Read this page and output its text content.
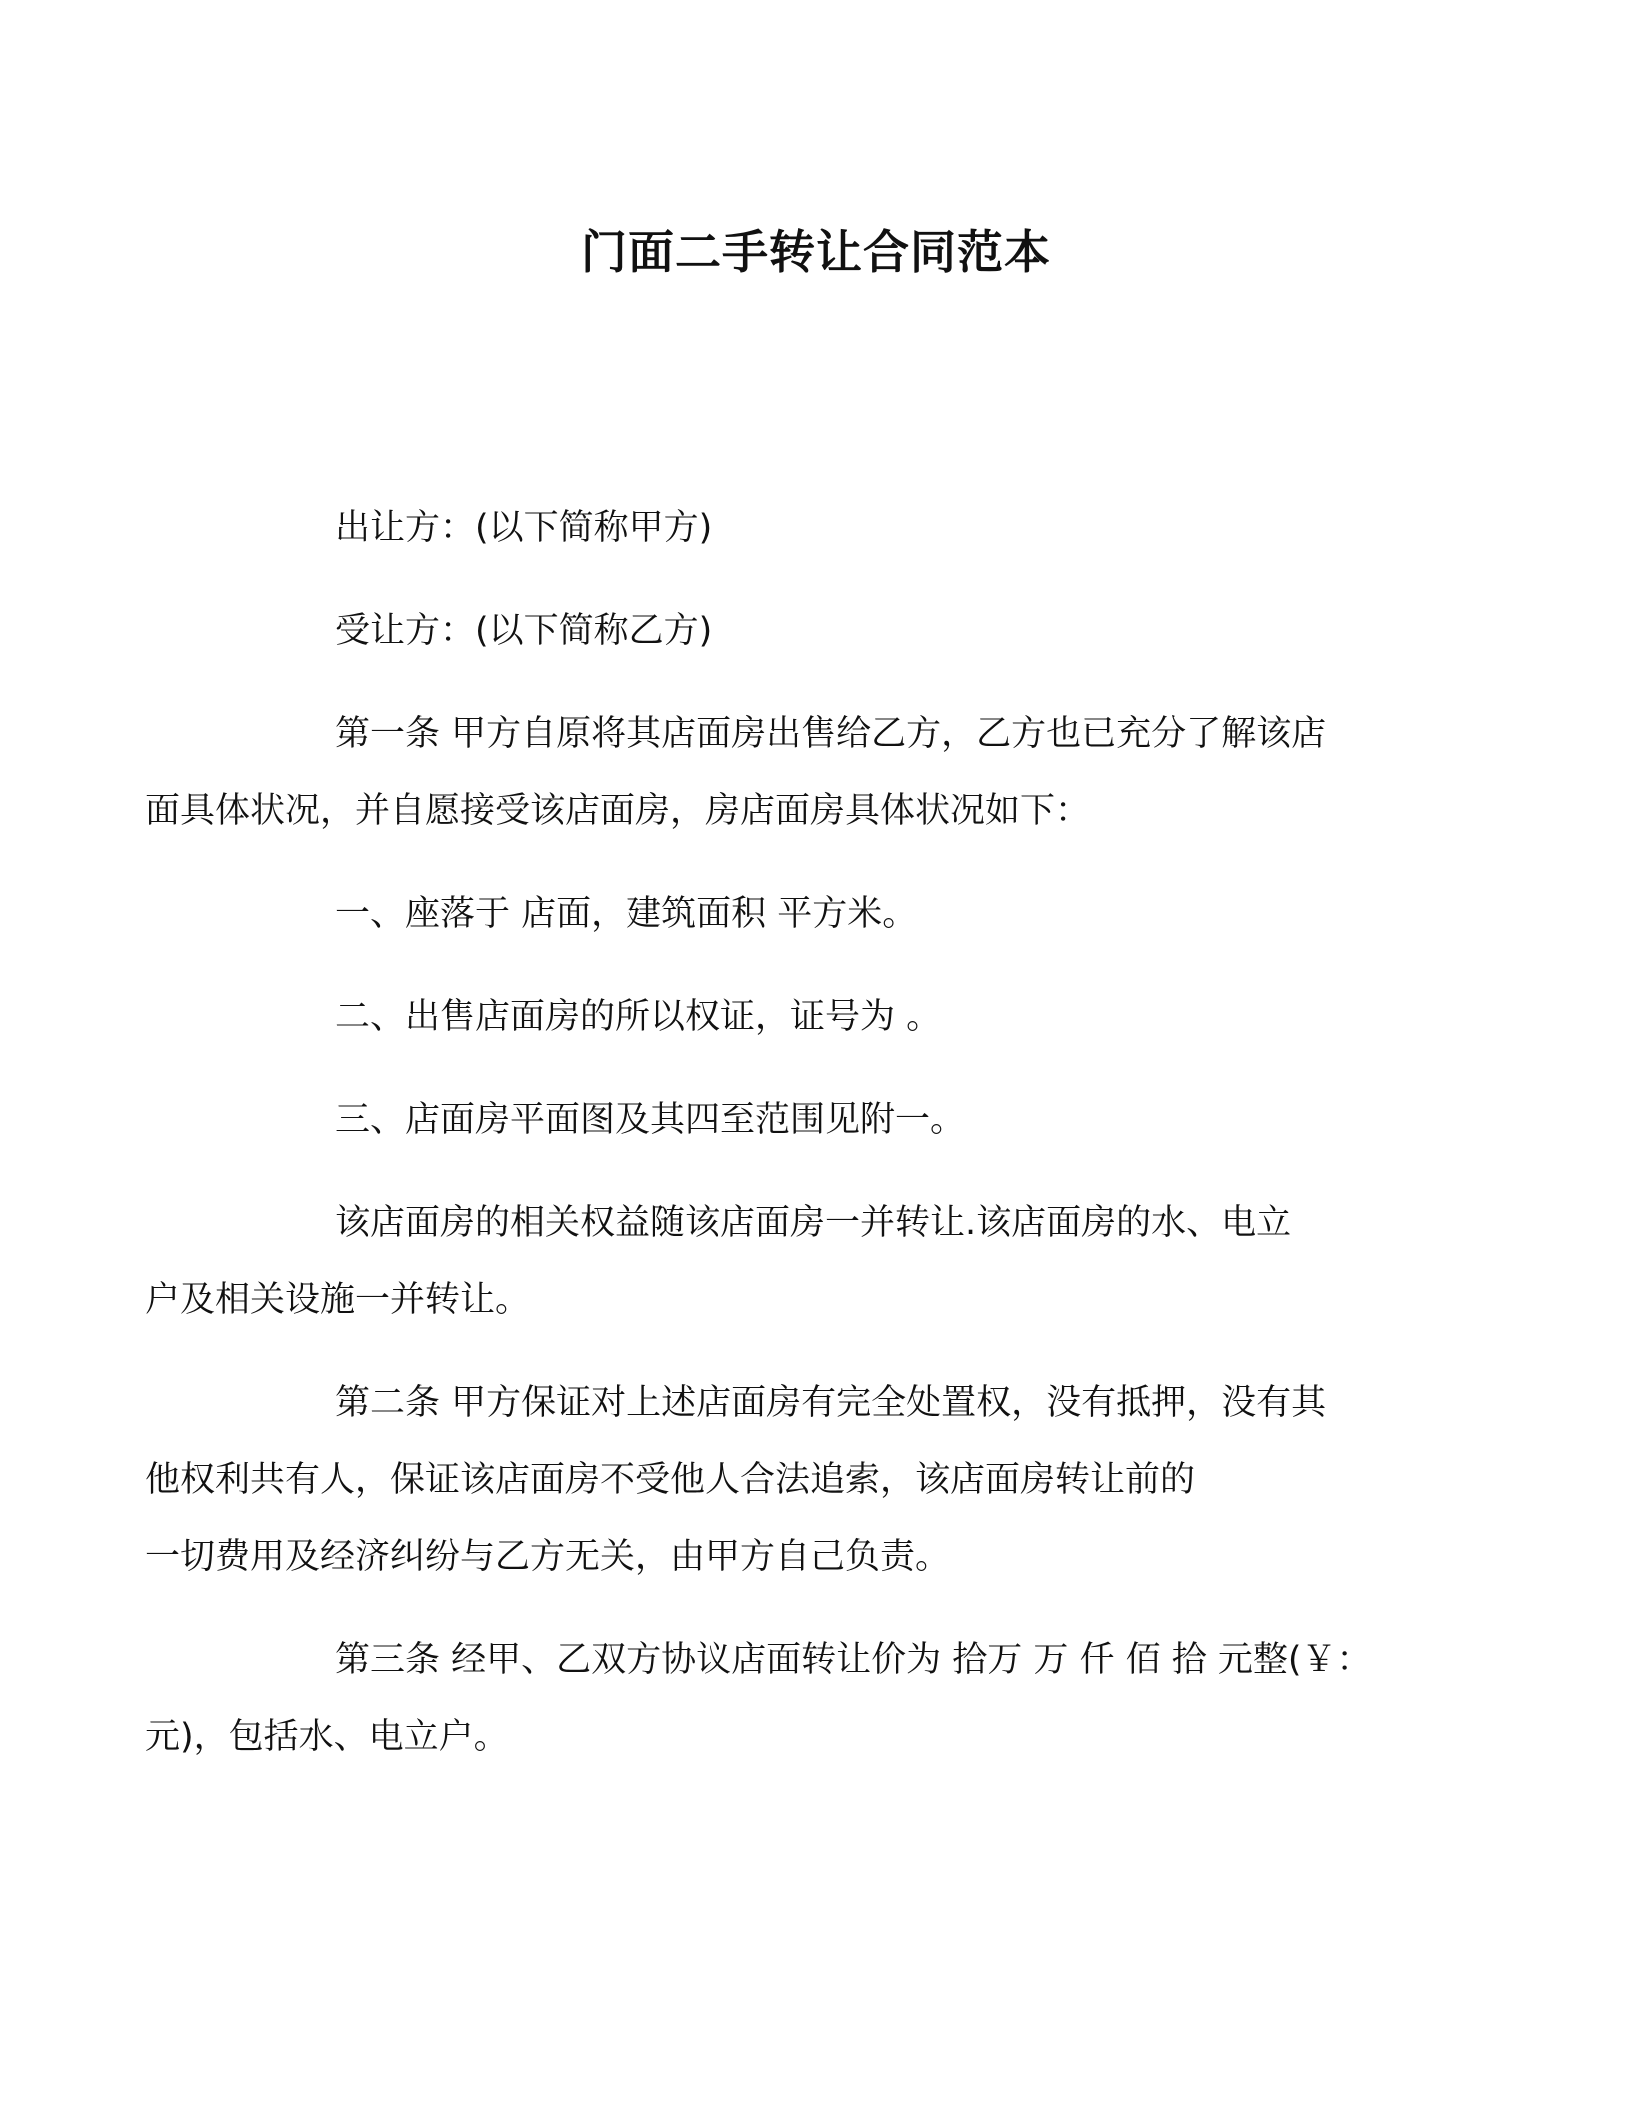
门面二手转让合同范本

出让方：(以下简称甲方)

受让方：(以下简称乙方)

第一条 甲方自原将其店面房出售给乙方，乙方也已充分了解该店
面具体状况，并自愿接受该店面房，房店面房具体状况如下：

一、座落于 店面，建筑面积 平方米。

二、出售店面房的所以权证，证号为 。

三、店面房平面图及其四至范围见附一。

该店面房的相关权益随该店面房一并转让.该店面房的水、电立
户及相关设施一并转让。

第二条 甲方保证对上述店面房有完全处置权，没有抵押，没有其
他权利共有人，保证该店面房不受他人合法追索，该店面房转让前的
一切费用及经济纠纷与乙方无关，由甲方自己负责。

第三条 经甲、乙双方协议店面转让价为 拾万 万 仟 佰 拾 元整(￥：
元)，包括水、电立户。
